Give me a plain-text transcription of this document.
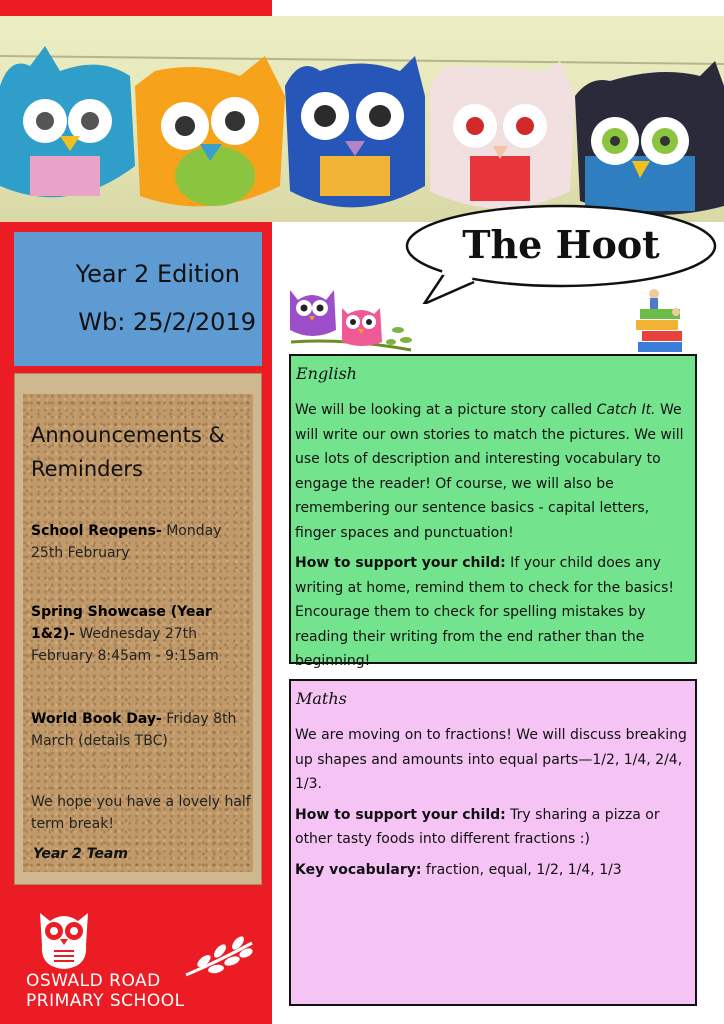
The Hoot
Year 2 Edition
Wb: 25/2/2019
Announcements & Reminders
School Reopens- Monday 25th February
Spring Showcase (Year 1&2)- Wednesday 27th February 8:45am - 9:15am
World Book Day- Friday 8th March (details TBC)
We hope you have a lovely half term break!
Year 2 Team
OSWALD ROAD
PRIMARY SCHOOL
English

We will be looking at a picture story called Catch It. We will write our own stories to match the pictures. We will use lots of description and interesting vocabulary to engage the reader! Of course, we will also be remembering our sentence basics - capital letters, finger spaces and punctuation!

How to support your child: If your child does any writing at home, remind them to check for the basics! Encourage them to check for spelling mistakes by reading their writing from the end rather than the beginning!

Maths

We are moving on to fractions! We will discuss breaking up shapes and amounts into equal parts—1/2, 1/4, 2/4, 1/3.

How to support your child: Try sharing a pizza or other tasty foods into different fractions :)

Key vocabulary: fraction, equal, 1/2, 1/4, 1/3
